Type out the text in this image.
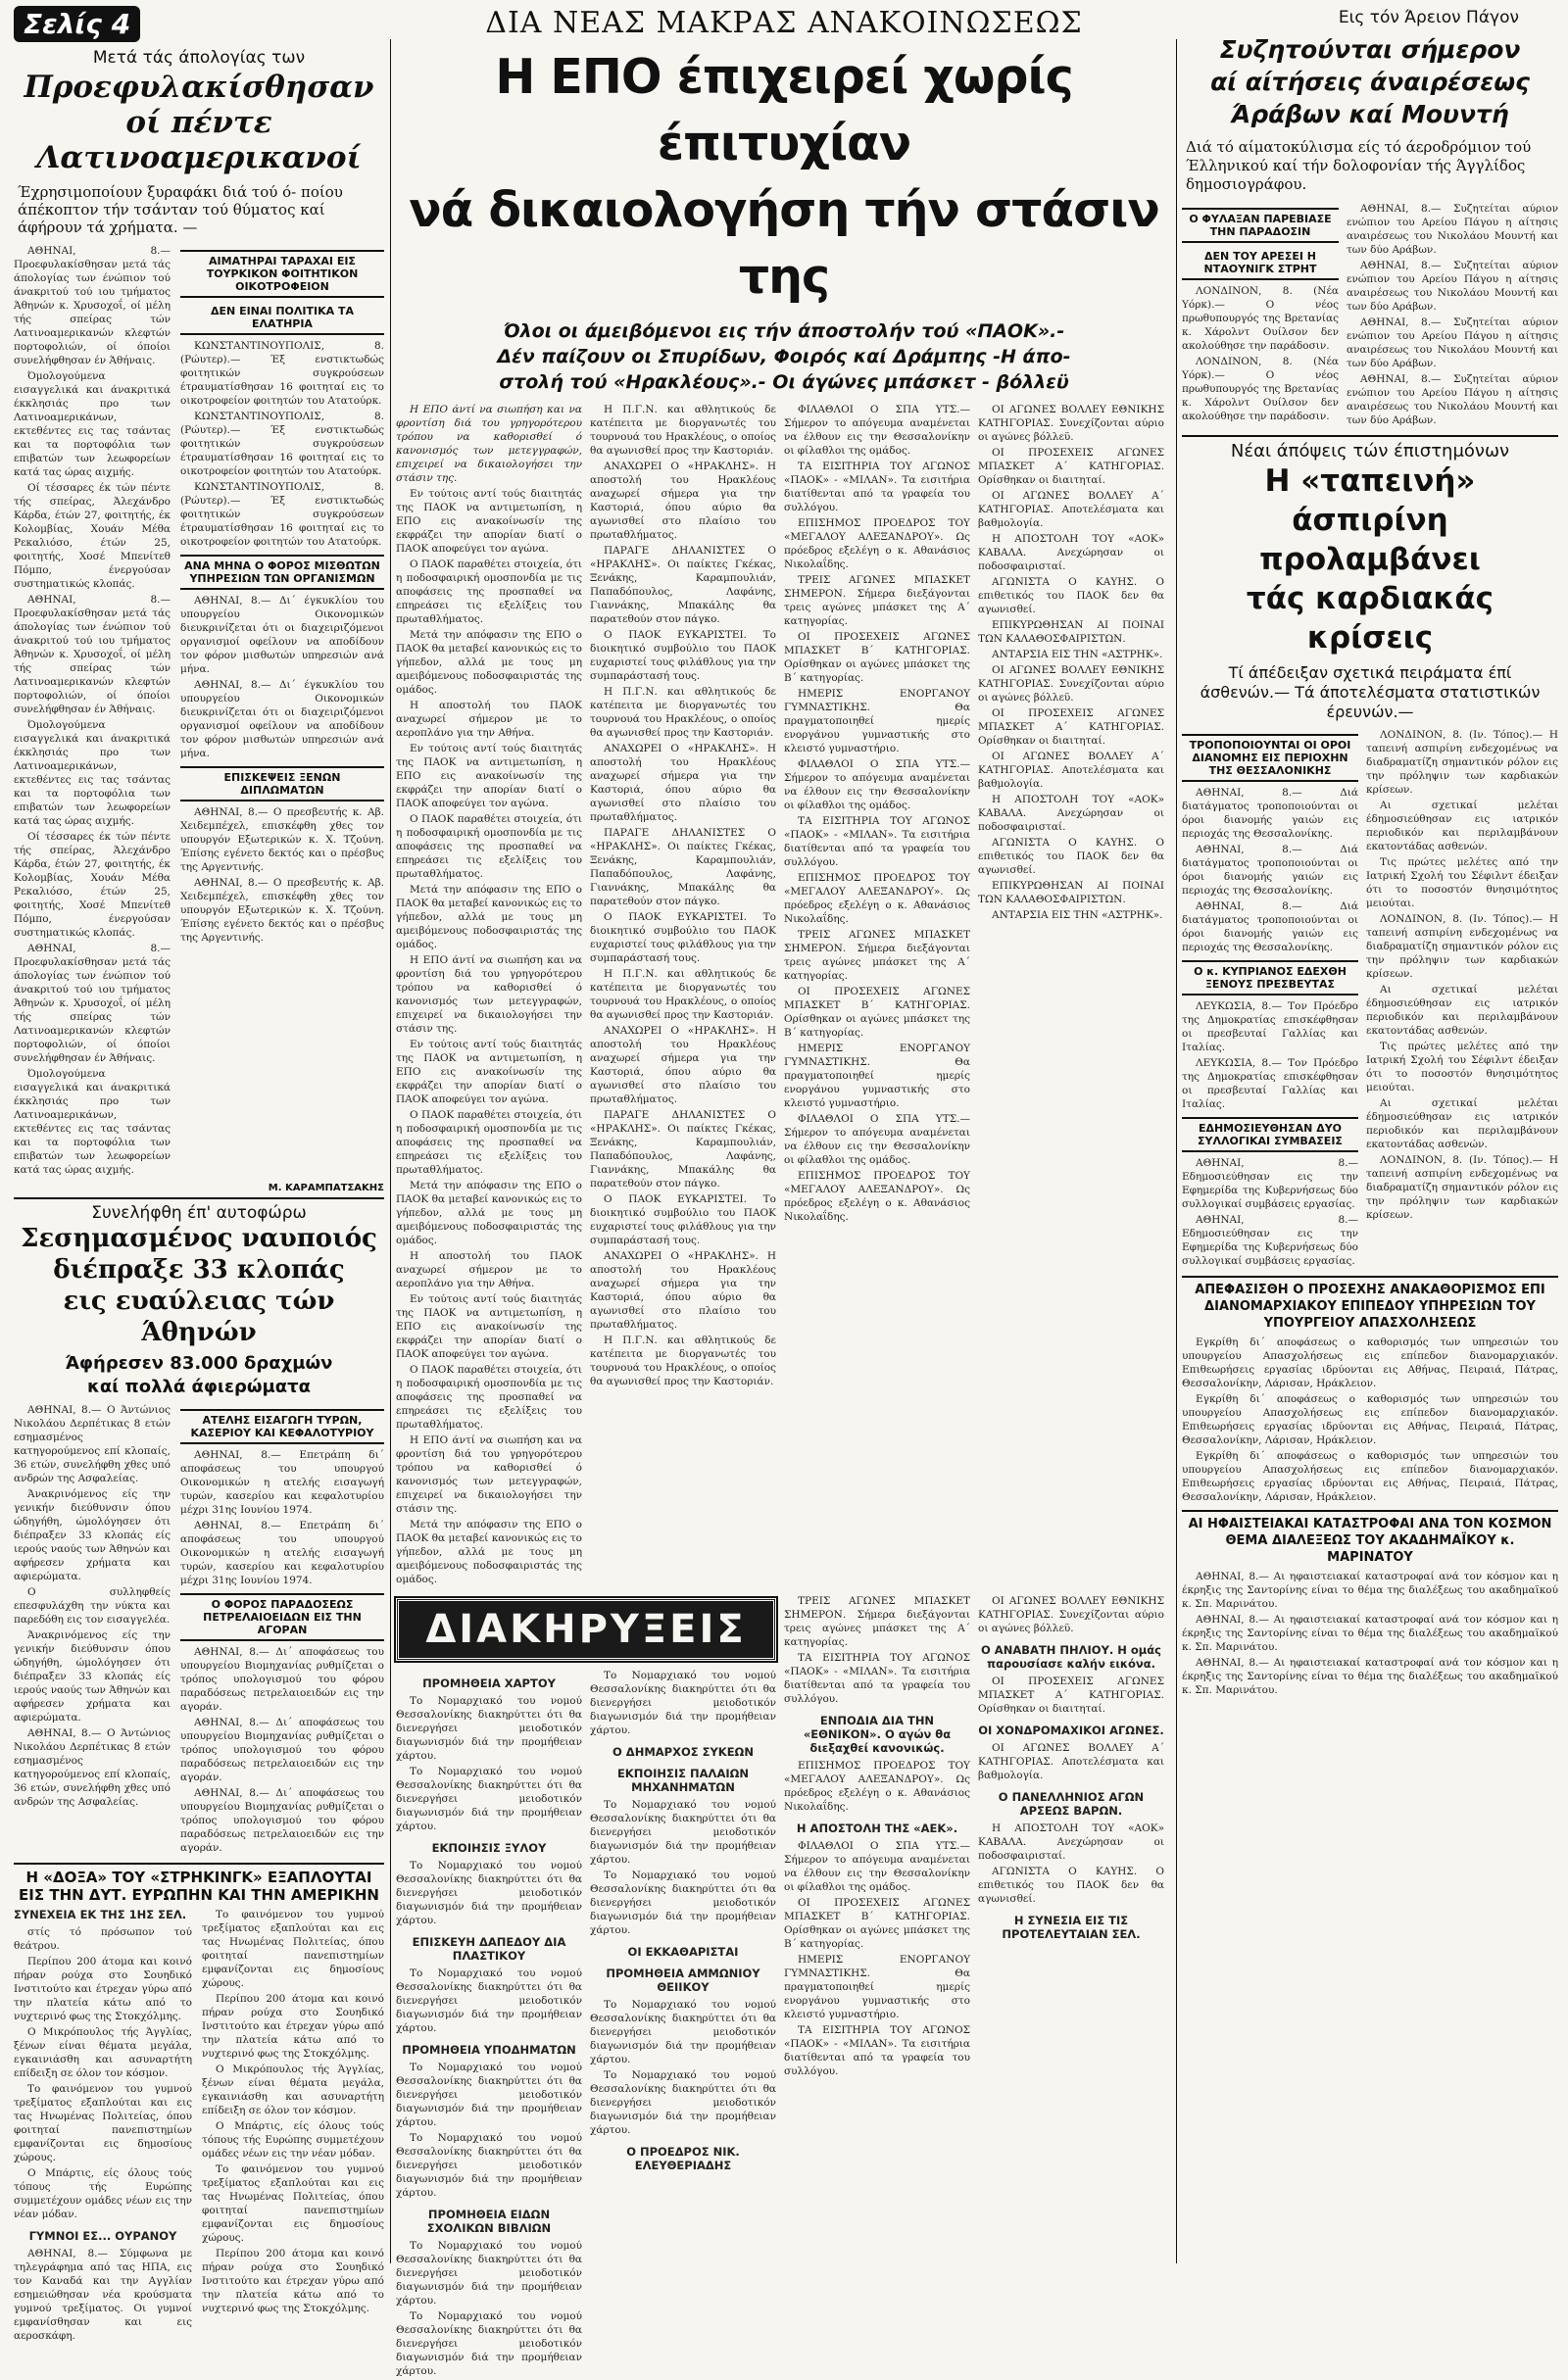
Σελίς 4
Μετά τάς άπολογίας των
Προεφυλακίσθησαν
οί πέντε
Λατινοαμερικανοί
Έχρησιμοποίουν ξυραφάκι διά τού ό- ποίου άπέκοπτον τήν τσάνταν τού θύματος καί άφήρουν τά χρήματα. —

ΑΘΗΝΑΙ, 8.— Προεφυλακίσθησαν μετά τάς άπολογίας των ένώπιον τού άνακριτού τού ιου τμήματος Άθηνών κ. Χρυσοχοΐ, οί μέλη τής σπείρας τών Λατινοαμερικανών κλεφτών πορτοφολιών, οί όποίοι συνελήφθησαν έν Άθήναις.

Όμολογούμενα εισαγγελικά και άνακριτικά έκκλησιάς προ των Λατινοαμερικάνων, εκτεθέντες εις τας τσάντας και τα πορτοφόλια των επιβατών των λεωφορείων κατά τας ώρας αιχμής.

Οί τέσσαρες έκ τών πέντε τής σπείρας, Άλεχάνδρο Κάρδα, έτών 27, φοιτητής, έκ Κολομβίας, Χουάν Μέθα Ρεκαλιόσο, έτών 25, φοιτητής, Χοσέ Μπενίτεθ Πόμπο, ένεργούσαν συστηματικώς κλοπάς.

ΑΘΗΝΑΙ, 8.— Προεφυλακίσθησαν μετά τάς άπολογίας των ένώπιον τού άνακριτού τού ιου τμήματος Άθηνών κ. Χρυσοχοΐ, οί μέλη τής σπείρας τών Λατινοαμερικανών κλεφτών πορτοφολιών, οί όποίοι συνελήφθησαν έν Άθήναις.

Όμολογούμενα εισαγγελικά και άνακριτικά έκκλησιάς προ των Λατινοαμερικάνων, εκτεθέντες εις τας τσάντας και τα πορτοφόλια των επιβατών των λεωφορείων κατά τας ώρας αιχμής.

Οί τέσσαρες έκ τών πέντε τής σπείρας, Άλεχάνδρο Κάρδα, έτών 27, φοιτητής, έκ Κολομβίας, Χουάν Μέθα Ρεκαλιόσο, έτών 25, φοιτητής, Χοσέ Μπενίτεθ Πόμπο, ένεργούσαν συστηματικώς κλοπάς.

ΑΘΗΝΑΙ, 8.— Προεφυλακίσθησαν μετά τάς άπολογίας των ένώπιον τού άνακριτού τού ιου τμήματος Άθηνών κ. Χρυσοχοΐ, οί μέλη τής σπείρας τών Λατινοαμερικανών κλεφτών πορτοφολιών, οί όποίοι συνελήφθησαν έν Άθήναις.

Όμολογούμενα εισαγγελικά και άνακριτικά έκκλησιάς προ των Λατινοαμερικάνων, εκτεθέντες εις τας τσάντας και τα πορτοφόλια των επιβατών των λεωφορείων κατά τας ώρας αιχμής.

ΑΙΜΑΤΗΡΑΙ ΤΑΡΑΧΑΙ ΕΙΣ ΤΟΥΡΚΙΚΟΝ ΦΟΙΤΗΤΙΚΟΝ ΟΙΚΟΤΡΟΦΕΙΟΝ
ΔΕΝ ΕΙΝΑΙ ΠΟΛΙΤΙΚΑ ΤΑ ΕΛΑΤΗΡΙΑ

ΚΩΝΣΤΑΝΤΙΝΟΥΠΟΛΙΣ, 8. (Ρώυτερ).— Έξ ενστικτωδώς φοιτητικών συγκρούσεων έτραυματίσθησαν 16 φοιτηταί εις το οικοτροφείον φοιτητών του Ατατούρκ.

ΚΩΝΣΤΑΝΤΙΝΟΥΠΟΛΙΣ, 8. (Ρώυτερ).— Έξ ενστικτωδώς φοιτητικών συγκρούσεων έτραυματίσθησαν 16 φοιτηταί εις το οικοτροφείον φοιτητών του Ατατούρκ.

ΚΩΝΣΤΑΝΤΙΝΟΥΠΟΛΙΣ, 8. (Ρώυτερ).— Έξ ενστικτωδώς φοιτητικών συγκρούσεων έτραυματίσθησαν 16 φοιτηταί εις το οικοτροφείον φοιτητών του Ατατούρκ.

ΑΝΑ ΜΗΝΑ Ο ΦΟΡΟΣ ΜΙΣΘΩΤΩΝ ΥΠΗΡΕΣΙΩΝ ΤΩΝ ΟΡΓΑΝΙΣΜΩΝ

ΑΘΗΝΑΙ, 8.— Δι΄ έγκυκλίου του υπουργείου Οικονομικών διευκρινίζεται ότι οι διαχειριζόμενοι οργανισμοί οφείλουν να αποδίδουν τον φόρον μισθωτών υπηρεσιών ανά μήνα.

ΑΘΗΝΑΙ, 8.— Δι΄ έγκυκλίου του υπουργείου Οικονομικών διευκρινίζεται ότι οι διαχειριζόμενοι οργανισμοί οφείλουν να αποδίδουν τον φόρον μισθωτών υπηρεσιών ανά μήνα.

ΕΠΙΣΚΕΨΕΙΣ ΞΕΝΩΝ ΔΙΠΛΩΜΑΤΩΝ

ΑΘΗΝΑΙ, 8.— Ο πρεσβευτής κ. Αβ. Χειδεμπέχελ, επισκέφθη χθες τον υπουργόν Εξωτερικών κ. Χ. Τζούνη. Έπίσης εγένετο δεκτός και ο πρέσβυς της Αργεντινής.

ΑΘΗΝΑΙ, 8.— Ο πρεσβευτής κ. Αβ. Χειδεμπέχελ, επισκέφθη χθες τον υπουργόν Εξωτερικών κ. Χ. Τζούνη. Έπίσης εγένετο δεκτός και ο πρέσβυς της Αργεντινής.

Μ. ΚΑΡΑΜΠΑΤΣΑΚΗΣ
Συνελήφθη έπ' αυτοφώρω
Σεσημασμένος ναυποιός
διέπραξε 33 κλοπάς
εις ευαύλειας τών Άθηνών
Άφήρεσεν 83.000 δραχμών
καί πολλά άφιερώματα

ΑΘΗΝΑΙ, 8.— Ο Άντώνιος Νικολάου Δερπέτικας 8 ετών εσημασμένος κατηγορούμενος επί κλοπαίς, 36 ετών, συνελήφθη χθες υπό ανδρών της Ασφαλείας.

Άνακρινόμενος είς την γενικήν διεύθυνσιν όπου ώδηγήθη, ώμολόγησεν ότι διέπραξεν 33 κλοπάς είς ιερούς ναούς των Άθηνών και αφήρεσεν χρήματα και αφιερώματα.

Ο συλληφθείς επεσφυλάχθη την νύκτα και παρεδόθη εις τον εισαγγελέα.

Άνακρινόμενος είς την γενικήν διεύθυνσιν όπου ώδηγήθη, ώμολόγησεν ότι διέπραξεν 33 κλοπάς είς ιερούς ναούς των Άθηνών και αφήρεσεν χρήματα και αφιερώματα.

ΑΘΗΝΑΙ, 8.— Ο Άντώνιος Νικολάου Δερπέτικας 8 ετών εσημασμένος κατηγορούμενος επί κλοπαίς, 36 ετών, συνελήφθη χθες υπό ανδρών της Ασφαλείας.

ΑΤΕΛΗΣ ΕΙΣΑΓΩΓΗ ΤΥΡΩΝ, ΚΑΣΕΡΙΟΥ ΚΑΙ ΚΕΦΑΛΟΤΥΡΙΟΥ

ΑΘΗΝΑΙ, 8.— Επετράπη δι΄ αποφάσεως του υπουργού Οικονομικών η ατελής εισαγωγή τυρών, κασερίου και κεφαλοτυρίου μέχρι 31ης Ιουνίου 1974.

ΑΘΗΝΑΙ, 8.— Επετράπη δι΄ αποφάσεως του υπουργού Οικονομικών η ατελής εισαγωγή τυρών, κασερίου και κεφαλοτυρίου μέχρι 31ης Ιουνίου 1974.

Ο ΦΟΡΟΣ ΠΑΡΑΔΟΣΕΩΣ ΠΕΤΡΕΛΑΙΟΕΙΔΩΝ ΕΙΣ ΤΗΝ ΑΓΟΡΑΝ

ΑΘΗΝΑΙ, 8.— Δι΄ αποφάσεως του υπουργείου Βιομηχανίας ρυθμίζεται ο τρόπος υπολογισμού του φόρου παραδόσεως πετρελαιοειδών εις την αγοράν.

ΑΘΗΝΑΙ, 8.— Δι΄ αποφάσεως του υπουργείου Βιομηχανίας ρυθμίζεται ο τρόπος υπολογισμού του φόρου παραδόσεως πετρελαιοειδών εις την αγοράν.

ΑΘΗΝΑΙ, 8.— Δι΄ αποφάσεως του υπουργείου Βιομηχανίας ρυθμίζεται ο τρόπος υπολογισμού του φόρου παραδόσεως πετρελαιοειδών εις την αγοράν.

Η «ΔΟΞΑ» ΤΟΥ «ΣΤΡΗΚΙΝΓΚ» ΕΞΑΠΛΟΥΤΑΙ ΕΙΣ ΤΗΝ ΔΥΤ. ΕΥΡΩΠΗΝ ΚΑΙ ΤΗΝ ΑΜΕΡΙΚΗΝ
ΣΥΝΕΧΕΙΑ ΕΚ ΤΗΣ 1ΗΣ ΣΕΛ.

στίς τό πρόσωπον τού θεάτρου.

Περίπου 200 άτομα και κοινό πήραν ρούχα στο Σουηδικό Ινστιτούτο και έτρεχαν γύρω από την πλατεία κάτω από το νυχτερινό φως της Στοκχόλμης.

Ο Μικρόπουλος τής Άγγλίας, ξένων είναι θέματα μεγάλα, εγκαινιάσθη και ασυναρτήτη επίδειξη σε όλον τον κόσμον.

Το φαινόμενον του γυμνού τρεξίματος εξαπλούται και εις τας Ηνωμένας Πολιτείας, όπου φοιτηταί πανεπιστημίων εμφανίζονται εις δημοσίους χώρους.

Ο Μπάρτις, είς όλους τούς τόπους τής Ευρώπης συμμετέχουν ομάδες νέων εις την νέαν μόδαν.

ΓΥΜΝΟΙ ΕΣ... ΟΥΡΑΝΟΥ

ΑΘΗΝΑΙ, 8.— Σύμφωνα με τηλεγράφημα από τας ΗΠΑ, εις τον Καναδά και την Αγγλίαν εσημειώθησαν νέα κρούσματα γυμνού τρεξίματος. Οι γυμνοί εμφανίσθησαν και εις αεροσκάφη.

Το φαινόμενον του γυμνού τρεξίματος εξαπλούται και εις τας Ηνωμένας Πολιτείας, όπου φοιτηταί πανεπιστημίων εμφανίζονται εις δημοσίους χώρους.

Περίπου 200 άτομα και κοινό πήραν ρούχα στο Σουηδικό Ινστιτούτο και έτρεχαν γύρω από την πλατεία κάτω από το νυχτερινό φως της Στοκχόλμης.

Ο Μικρόπουλος τής Άγγλίας, ξένων είναι θέματα μεγάλα, εγκαινιάσθη και ασυναρτήτη επίδειξη σε όλον τον κόσμον.

Ο Μπάρτις, είς όλους τούς τόπους τής Ευρώπης συμμετέχουν ομάδες νέων εις την νέαν μόδαν.

Το φαινόμενον του γυμνού τρεξίματος εξαπλούται και εις τας Ηνωμένας Πολιτείας, όπου φοιτηταί πανεπιστημίων εμφανίζονται εις δημοσίους χώρους.

Περίπου 200 άτομα και κοινό πήραν ρούχα στο Σουηδικό Ινστιτούτο και έτρεχαν γύρω από την πλατεία κάτω από το νυχτερινό φως της Στοκχόλμης.

ΔΙΑ ΝΕΑΣ ΜΑΚΡΑΣ ΑΝΑΚΟΙΝΩΣΕΩΣ
Η ΕΠΟ έπιχειρεί χωρίς έπιτυχίαν
νά δικαιολογήση τήν στάσιν της
Όλοι οι άμειβόμενοι εις τήν άποστολήν τού «ΠΑΟΚ».-
Δέν παίζουν οι Σπυρίδων, Φοιρός καί Δράμπης -Η άπο-
στολή τού «Ηρακλέους».- Οι άγώνες μπάσκετ - βόλλεϋ

Η ΕΠΟ άντί να σιωπήση και να φροντίση διά του γρηγορότερου τρόπου να καθορισθεί ό κανονισμός των μετεγγραφών, επιχειρεί να δικαιολογήσει την στάσιν της.

Εν τούτοις αντί τούς διαιτητάς της ΠΑΟΚ να αντιμετωπίση, η ΕΠΟ εις ανακοίνωσίν της εκφράζει την απορίαν διατί ο ΠΑΟΚ αποφεύγει τον αγώνα.

Ο ΠΑΟΚ παραθέτει στοιχεία, ότι η ποδοσφαιρική ομοσπονδία με τις αποφάσεις της προσπαθεί να επηρεάσει τις εξελίξεις του πρωταθλήματος.

Μετά την απόφασιν της ΕΠΟ ο ΠΑΟΚ θα μεταβεί κανονικώς εις το γήπεδον, αλλά με τους μη αμειβόμενους ποδοσφαιριστάς της ομάδος.

Η αποστολή του ΠΑΟΚ αναχωρεί σήμερον με το αεροπλάνο για την Αθήνα.

Εν τούτοις αντί τούς διαιτητάς της ΠΑΟΚ να αντιμετωπίση, η ΕΠΟ εις ανακοίνωσίν της εκφράζει την απορίαν διατί ο ΠΑΟΚ αποφεύγει τον αγώνα.

Ο ΠΑΟΚ παραθέτει στοιχεία, ότι η ποδοσφαιρική ομοσπονδία με τις αποφάσεις της προσπαθεί να επηρεάσει τις εξελίξεις του πρωταθλήματος.

Μετά την απόφασιν της ΕΠΟ ο ΠΑΟΚ θα μεταβεί κανονικώς εις το γήπεδον, αλλά με τους μη αμειβόμενους ποδοσφαιριστάς της ομάδος.

Η ΕΠΟ άντί να σιωπήση και να φροντίση διά του γρηγορότερου τρόπου να καθορισθεί ό κανονισμός των μετεγγραφών, επιχειρεί να δικαιολογήσει την στάσιν της.

Εν τούτοις αντί τούς διαιτητάς της ΠΑΟΚ να αντιμετωπίση, η ΕΠΟ εις ανακοίνωσίν της εκφράζει την απορίαν διατί ο ΠΑΟΚ αποφεύγει τον αγώνα.

Ο ΠΑΟΚ παραθέτει στοιχεία, ότι η ποδοσφαιρική ομοσπονδία με τις αποφάσεις της προσπαθεί να επηρεάσει τις εξελίξεις του πρωταθλήματος.

Μετά την απόφασιν της ΕΠΟ ο ΠΑΟΚ θα μεταβεί κανονικώς εις το γήπεδον, αλλά με τους μη αμειβόμενους ποδοσφαιριστάς της ομάδος.

Η αποστολή του ΠΑΟΚ αναχωρεί σήμερον με το αεροπλάνο για την Αθήνα.

Εν τούτοις αντί τούς διαιτητάς της ΠΑΟΚ να αντιμετωπίση, η ΕΠΟ εις ανακοίνωσίν της εκφράζει την απορίαν διατί ο ΠΑΟΚ αποφεύγει τον αγώνα.

Ο ΠΑΟΚ παραθέτει στοιχεία, ότι η ποδοσφαιρική ομοσπονδία με τις αποφάσεις της προσπαθεί να επηρεάσει τις εξελίξεις του πρωταθλήματος.

Η ΕΠΟ άντί να σιωπήση και να φροντίση διά του γρηγορότερου τρόπου να καθορισθεί ό κανονισμός των μετεγγραφών, επιχειρεί να δικαιολογήσει την στάσιν της.

Μετά την απόφασιν της ΕΠΟ ο ΠΑΟΚ θα μεταβεί κανονικώς εις το γήπεδον, αλλά με τους μη αμειβόμενους ποδοσφαιριστάς της ομάδος.

Η Π.Γ.Ν. και αθλητικούς δε κατέπειτα με διοργανωτές του τουρνουά του Ηρακλέους, ο οποίος θα αγωνισθεί προς την Καστοριάν.

ΑΝΑΧΩΡΕΙ Ο «ΗΡΑΚΛΗΣ». Η αποστολή του Ηρακλέους αναχωρεί σήμερα για την Καστοριά, όπου αύριο θα αγωνισθεί στο πλαίσιο του πρωταθλήματος.

ΠΑΡΑΓΕ ΔΗΛΑΝΙΣΤΕΣ Ο «ΗΡΑΚΛΗΣ». Οι παίκτες Γκέκας, Ξενάκης, Καραμπουλιάν, Παπαδόπουλος, Λαφάνης, Γιαννάκης, Μπακάλης θα παρατεθούν στον πάγκο.

Ο ΠΑΟΚ ΕΥΚΑΡΙΣΤΕΙ. Το διοικητικό συμβούλιο του ΠΑΟΚ ευχαριστεί τους φιλάθλους για την συμπαράστασή τους.

Η Π.Γ.Ν. και αθλητικούς δε κατέπειτα με διοργανωτές του τουρνουά του Ηρακλέους, ο οποίος θα αγωνισθεί προς την Καστοριάν.

ΑΝΑΧΩΡΕΙ Ο «ΗΡΑΚΛΗΣ». Η αποστολή του Ηρακλέους αναχωρεί σήμερα για την Καστοριά, όπου αύριο θα αγωνισθεί στο πλαίσιο του πρωταθλήματος.

ΠΑΡΑΓΕ ΔΗΛΑΝΙΣΤΕΣ Ο «ΗΡΑΚΛΗΣ». Οι παίκτες Γκέκας, Ξενάκης, Καραμπουλιάν, Παπαδόπουλος, Λαφάνης, Γιαννάκης, Μπακάλης θα παρατεθούν στον πάγκο.

Ο ΠΑΟΚ ΕΥΚΑΡΙΣΤΕΙ. Το διοικητικό συμβούλιο του ΠΑΟΚ ευχαριστεί τους φιλάθλους για την συμπαράστασή τους.

Η Π.Γ.Ν. και αθλητικούς δε κατέπειτα με διοργανωτές του τουρνουά του Ηρακλέους, ο οποίος θα αγωνισθεί προς την Καστοριάν.

ΑΝΑΧΩΡΕΙ Ο «ΗΡΑΚΛΗΣ». Η αποστολή του Ηρακλέους αναχωρεί σήμερα για την Καστοριά, όπου αύριο θα αγωνισθεί στο πλαίσιο του πρωταθλήματος.

ΠΑΡΑΓΕ ΔΗΛΑΝΙΣΤΕΣ Ο «ΗΡΑΚΛΗΣ». Οι παίκτες Γκέκας, Ξενάκης, Καραμπουλιάν, Παπαδόπουλος, Λαφάνης, Γιαννάκης, Μπακάλης θα παρατεθούν στον πάγκο.

Ο ΠΑΟΚ ΕΥΚΑΡΙΣΤΕΙ. Το διοικητικό συμβούλιο του ΠΑΟΚ ευχαριστεί τους φιλάθλους για την συμπαράστασή τους.

ΑΝΑΧΩΡΕΙ Ο «ΗΡΑΚΛΗΣ». Η αποστολή του Ηρακλέους αναχωρεί σήμερα για την Καστοριά, όπου αύριο θα αγωνισθεί στο πλαίσιο του πρωταθλήματος.

Η Π.Γ.Ν. και αθλητικούς δε κατέπειτα με διοργανωτές του τουρνουά του Ηρακλέους, ο οποίος θα αγωνισθεί προς την Καστοριάν.

ΦΙΛΑΘΛΟΙ Ο ΣΠΑ ΥΤΣ.— Σήμερον το απόγευμα αναμένεται να έλθουν εις την Θεσσαλονίκην οι φίλαθλοι της ομάδος.

ΤΑ ΕΙΣΙΤΗΡΙΑ ΤΟΥ ΑΓΩΝΟΣ «ΠΑΟΚ» - «ΜΙΛΑΝ». Τα εισιτήρια διατίθενται από τα γραφεία του συλλόγου.

ΕΠΙΣΗΜΟΣ ΠΡΟΕΔΡΟΣ ΤΟΥ «ΜΕΓΑΛΟΥ ΑΛΕΞΑΝΔΡΟΥ». Ως πρόεδρος εξελέγη ο κ. Αθανάσιος Νικολαΐδης.

ΤΡΕΙΣ ΑΓΩΝΕΣ ΜΠΑΣΚΕΤ ΣΗΜΕΡΟΝ. Σήμερα διεξάγονται τρεις αγώνες μπάσκετ της Α΄ κατηγορίας.

ΟΙ ΠΡΟΣΕΧΕΙΣ ΑΓΩΝΕΣ ΜΠΑΣΚΕΤ Β΄ ΚΑΤΗΓΟΡΙΑΣ. Ορίσθηκαν οι αγώνες μπάσκετ της Β΄ κατηγορίας.

ΗΜΕΡΙΣ ΕΝΟΡΓΑΝΟΥ ΓΥΜΝΑΣΤΙΚΗΣ. Θα πραγματοποιηθεί ημερίς ενοργάνου γυμναστικής στο κλειστό γυμναστήριο.

ΦΙΛΑΘΛΟΙ Ο ΣΠΑ ΥΤΣ.— Σήμερον το απόγευμα αναμένεται να έλθουν εις την Θεσσαλονίκην οι φίλαθλοι της ομάδος.

ΤΑ ΕΙΣΙΤΗΡΙΑ ΤΟΥ ΑΓΩΝΟΣ «ΠΑΟΚ» - «ΜΙΛΑΝ». Τα εισιτήρια διατίθενται από τα γραφεία του συλλόγου.

ΕΠΙΣΗΜΟΣ ΠΡΟΕΔΡΟΣ ΤΟΥ «ΜΕΓΑΛΟΥ ΑΛΕΞΑΝΔΡΟΥ». Ως πρόεδρος εξελέγη ο κ. Αθανάσιος Νικολαΐδης.

ΤΡΕΙΣ ΑΓΩΝΕΣ ΜΠΑΣΚΕΤ ΣΗΜΕΡΟΝ. Σήμερα διεξάγονται τρεις αγώνες μπάσκετ της Α΄ κατηγορίας.

ΟΙ ΠΡΟΣΕΧΕΙΣ ΑΓΩΝΕΣ ΜΠΑΣΚΕΤ Β΄ ΚΑΤΗΓΟΡΙΑΣ. Ορίσθηκαν οι αγώνες μπάσκετ της Β΄ κατηγορίας.

ΗΜΕΡΙΣ ΕΝΟΡΓΑΝΟΥ ΓΥΜΝΑΣΤΙΚΗΣ. Θα πραγματοποιηθεί ημερίς ενοργάνου γυμναστικής στο κλειστό γυμναστήριο.

ΦΙΛΑΘΛΟΙ Ο ΣΠΑ ΥΤΣ.— Σήμερον το απόγευμα αναμένεται να έλθουν εις την Θεσσαλονίκην οι φίλαθλοι της ομάδος.

ΕΠΙΣΗΜΟΣ ΠΡΟΕΔΡΟΣ ΤΟΥ «ΜΕΓΑΛΟΥ ΑΛΕΞΑΝΔΡΟΥ». Ως πρόεδρος εξελέγη ο κ. Αθανάσιος Νικολαΐδης.

ΟΙ ΑΓΩΝΕΣ ΒΟΛΛΕΥ ΕΘΝΙΚΗΣ ΚΑΤΗΓΟΡΙΑΣ. Συνεχίζονται αύριο οι αγώνες βόλλεϋ.

ΟΙ ΠΡΟΣΕΧΕΙΣ ΑΓΩΝΕΣ ΜΠΑΣΚΕΤ Α΄ ΚΑΤΗΓΟΡΙΑΣ. Ορίσθηκαν οι διαιτηταί.

ΟΙ ΑΓΩΝΕΣ ΒΟΛΛΕΥ Α΄ ΚΑΤΗΓΟΡΙΑΣ. Αποτελέσματα και βαθμολογία.

Η ΑΠΟΣΤΟΛΗ ΤΟΥ «ΑΟΚ» ΚΑΒΑΛΑ. Ανεχώρησαν οι ποδοσφαιρισταί.

ΑΓΩΝΙΣΤΑ Ο ΚΑΥΗΣ. Ο επιθετικός του ΠΑΟΚ δεν θα αγωνισθεί.

ΕΠΙΚΥΡΩΘΗΣΑΝ ΑΙ ΠΟΙΝΑΙ ΤΩΝ ΚΑΛΑΘΟΣΦΑΙΡΙΣΤΩΝ.

ΑΝΤΑΡΣΙΑ ΕΙΣ ΤΗΝ «ΑΣΤΡΗΚ».

ΟΙ ΑΓΩΝΕΣ ΒΟΛΛΕΥ ΕΘΝΙΚΗΣ ΚΑΤΗΓΟΡΙΑΣ. Συνεχίζονται αύριο οι αγώνες βόλλεϋ.

ΟΙ ΠΡΟΣΕΧΕΙΣ ΑΓΩΝΕΣ ΜΠΑΣΚΕΤ Α΄ ΚΑΤΗΓΟΡΙΑΣ. Ορίσθηκαν οι διαιτηταί.

ΟΙ ΑΓΩΝΕΣ ΒΟΛΛΕΥ Α΄ ΚΑΤΗΓΟΡΙΑΣ. Αποτελέσματα και βαθμολογία.

Η ΑΠΟΣΤΟΛΗ ΤΟΥ «ΑΟΚ» ΚΑΒΑΛΑ. Ανεχώρησαν οι ποδοσφαιρισταί.

ΑΓΩΝΙΣΤΑ Ο ΚΑΥΗΣ. Ο επιθετικός του ΠΑΟΚ δεν θα αγωνισθεί.

ΕΠΙΚΥΡΩΘΗΣΑΝ ΑΙ ΠΟΙΝΑΙ ΤΩΝ ΚΑΛΑΘΟΣΦΑΙΡΙΣΤΩΝ.

ΑΝΤΑΡΣΙΑ ΕΙΣ ΤΗΝ «ΑΣΤΡΗΚ».

ΔΙΑΚΗΡΥΞΕΙΣ
ΠΡΟΜΗΘΕΙΑ ΧΑΡΤΟΥ

Το Νομαρχιακό του νομού Θεσσαλονίκης διακηρύττει ότι θα διενεργήσει μειοδοτικόν διαγωνισμόν διά την προμήθειαν χάρτου.

Το Νομαρχιακό του νομού Θεσσαλονίκης διακηρύττει ότι θα διενεργήσει μειοδοτικόν διαγωνισμόν διά την προμήθειαν χάρτου.

ΕΚΠΟΙΗΣΙΣ ΞΥΛΟΥ

Το Νομαρχιακό του νομού Θεσσαλονίκης διακηρύττει ότι θα διενεργήσει μειοδοτικόν διαγωνισμόν διά την προμήθειαν χάρτου.

ΕΠΙΣΚΕΥΗ ΔΑΠΕΔΟΥ ΔΙΑ ΠΛΑΣΤΙΚΟΥ

Το Νομαρχιακό του νομού Θεσσαλονίκης διακηρύττει ότι θα διενεργήσει μειοδοτικόν διαγωνισμόν διά την προμήθειαν χάρτου.

ΠΡΟΜΗΘΕΙΑ ΥΠΟΔΗΜΑΤΩΝ

Το Νομαρχιακό του νομού Θεσσαλονίκης διακηρύττει ότι θα διενεργήσει μειοδοτικόν διαγωνισμόν διά την προμήθειαν χάρτου.

Το Νομαρχιακό του νομού Θεσσαλονίκης διακηρύττει ότι θα διενεργήσει μειοδοτικόν διαγωνισμόν διά την προμήθειαν χάρτου.

ΠΡΟΜΗΘΕΙΑ ΕΙΔΩΝ ΣΧΟΛΙΚΩΝ ΒΙΒΛΙΩΝ

Το Νομαρχιακό του νομού Θεσσαλονίκης διακηρύττει ότι θα διενεργήσει μειοδοτικόν διαγωνισμόν διά την προμήθειαν χάρτου.

Το Νομαρχιακό του νομού Θεσσαλονίκης διακηρύττει ότι θα διενεργήσει μειοδοτικόν διαγωνισμόν διά την προμήθειαν χάρτου.

Το Νομαρχιακό του νομού Θεσσαλονίκης διακηρύττει ότι θα διενεργήσει μειοδοτικόν διαγωνισμόν διά την προμήθειαν χάρτου.

Ο ΔΗΜΑΡΧΟΣ ΣΥΚΕΩΝ
ΕΚΠΟΙΗΣΙΣ ΠΑΛΑΙΩΝ ΜΗΧΑΝΗΜΑΤΩΝ

Το Νομαρχιακό του νομού Θεσσαλονίκης διακηρύττει ότι θα διενεργήσει μειοδοτικόν διαγωνισμόν διά την προμήθειαν χάρτου.

Το Νομαρχιακό του νομού Θεσσαλονίκης διακηρύττει ότι θα διενεργήσει μειοδοτικόν διαγωνισμόν διά την προμήθειαν χάρτου.

ΟΙ ΕΚΚΑΘΑΡΙΣΤΑΙ
ΠΡΟΜΗΘΕΙΑ ΑΜΜΩΝΙΟΥ ΘΕΙΙΚΟΥ

Το Νομαρχιακό του νομού Θεσσαλονίκης διακηρύττει ότι θα διενεργήσει μειοδοτικόν διαγωνισμόν διά την προμήθειαν χάρτου.

Το Νομαρχιακό του νομού Θεσσαλονίκης διακηρύττει ότι θα διενεργήσει μειοδοτικόν διαγωνισμόν διά την προμήθειαν χάρτου.

Ο ΠΡΟΕΔΡΟΣ ΝΙΚ. ΕΛΕΥΘΕΡΙΑΔΗΣ

ΤΡΕΙΣ ΑΓΩΝΕΣ ΜΠΑΣΚΕΤ ΣΗΜΕΡΟΝ. Σήμερα διεξάγονται τρεις αγώνες μπάσκετ της Α΄ κατηγορίας.

ΤΑ ΕΙΣΙΤΗΡΙΑ ΤΟΥ ΑΓΩΝΟΣ «ΠΑΟΚ» - «ΜΙΛΑΝ». Τα εισιτήρια διατίθενται από τα γραφεία του συλλόγου.

ΕΝΠΟΔΙΑ ΔΙΑ ΤΗΝ «ΕΘΝΙΚΟΝ». Ο αγών θα διεξαχθεί κανονικώς.

ΕΠΙΣΗΜΟΣ ΠΡΟΕΔΡΟΣ ΤΟΥ «ΜΕΓΑΛΟΥ ΑΛΕΞΑΝΔΡΟΥ». Ως πρόεδρος εξελέγη ο κ. Αθανάσιος Νικολαΐδης.

Η ΑΠΟΣΤΟΛΗ ΤΗΣ «ΑΕΚ».

ΦΙΛΑΘΛΟΙ Ο ΣΠΑ ΥΤΣ.— Σήμερον το απόγευμα αναμένεται να έλθουν εις την Θεσσαλονίκην οι φίλαθλοι της ομάδος.

ΟΙ ΠΡΟΣΕΧΕΙΣ ΑΓΩΝΕΣ ΜΠΑΣΚΕΤ Β΄ ΚΑΤΗΓΟΡΙΑΣ. Ορίσθηκαν οι αγώνες μπάσκετ της Β΄ κατηγορίας.

ΗΜΕΡΙΣ ΕΝΟΡΓΑΝΟΥ ΓΥΜΝΑΣΤΙΚΗΣ. Θα πραγματοποιηθεί ημερίς ενοργάνου γυμναστικής στο κλειστό γυμναστήριο.

ΤΑ ΕΙΣΙΤΗΡΙΑ ΤΟΥ ΑΓΩΝΟΣ «ΠΑΟΚ» - «ΜΙΛΑΝ». Τα εισιτήρια διατίθενται από τα γραφεία του συλλόγου.

ΟΙ ΑΓΩΝΕΣ ΒΟΛΛΕΥ ΕΘΝΙΚΗΣ ΚΑΤΗΓΟΡΙΑΣ. Συνεχίζονται αύριο οι αγώνες βόλλεϋ.

Ο ΑΝΑΒΑΤΗ ΠΗΛΙΟΥ. Η ομάς παρουσίασε καλήν εικόνα.

ΟΙ ΠΡΟΣΕΧΕΙΣ ΑΓΩΝΕΣ ΜΠΑΣΚΕΤ Α΄ ΚΑΤΗΓΟΡΙΑΣ. Ορίσθηκαν οι διαιτηταί.

ΟΙ ΧΟΝΔΡΟΜΑΧΙΚΟΙ ΑΓΩΝΕΣ.

ΟΙ ΑΓΩΝΕΣ ΒΟΛΛΕΥ Α΄ ΚΑΤΗΓΟΡΙΑΣ. Αποτελέσματα και βαθμολογία.

Ο ΠΑΝΕΛΛΗΝΙΟΣ ΑΓΩΝ ΑΡΣΕΩΣ ΒΑΡΩΝ.

Η ΑΠΟΣΤΟΛΗ ΤΟΥ «ΑΟΚ» ΚΑΒΑΛΑ. Ανεχώρησαν οι ποδοσφαιρισταί.

ΑΓΩΝΙΣΤΑ Ο ΚΑΥΗΣ. Ο επιθετικός του ΠΑΟΚ δεν θα αγωνισθεί.

Η ΣΥΝΕΣΙΑ ΕΙΣ ΤΙΣ ΠΡΟΤΕΛΕΥΤΑΙΑΝ ΣΕΛ.
Εις τόν Άρειον Πάγον
Συζητούνται σήμερον
αί αίτήσεις άναιρέσεως
Άράβων καί Μουντή
Διά τό αίματοκύλισμα είς τό άεροδρόμιον τού Έλληνικού καί τήν δολοφονίαν τής Άγγλίδος δημοσιογράφου.
Ο ΦΥΛΑΞΑΝ ΠΑΡΕΒΙΑΣΕ ΤΗΝ ΠΑΡΑΔΟΣΙΝ
ΔΕΝ ΤΟΥ ΑΡΕΣΕΙ Η ΝΤΑΟΥΝΙΓΚ ΣΤΡΗΤ

ΛΟΝΔΙΝΟΝ, 8. (Νέα Υόρκ).— Ο νέος πρωθυπουργός της Βρετανίας κ. Χάρολντ Ουίλσον δεν ακολούθησε την παράδοσιν.

ΛΟΝΔΙΝΟΝ, 8. (Νέα Υόρκ).— Ο νέος πρωθυπουργός της Βρετανίας κ. Χάρολντ Ουίλσον δεν ακολούθησε την παράδοσιν.

ΑΘΗΝΑΙ, 8.— Συζητείται αύριον ενώπιον του Αρείου Πάγου η αίτησις αναιρέσεως του Νικολάου Μουντή και των δύο Αράβων.

ΑΘΗΝΑΙ, 8.— Συζητείται αύριον ενώπιον του Αρείου Πάγου η αίτησις αναιρέσεως του Νικολάου Μουντή και των δύο Αράβων.

ΑΘΗΝΑΙ, 8.— Συζητείται αύριον ενώπιον του Αρείου Πάγου η αίτησις αναιρέσεως του Νικολάου Μουντή και των δύο Αράβων.

ΑΘΗΝΑΙ, 8.— Συζητείται αύριον ενώπιον του Αρείου Πάγου η αίτησις αναιρέσεως του Νικολάου Μουντή και των δύο Αράβων.

Νέαι άπόψεις τών έπιστημόνων
Η «ταπεινή» άσπιρίνη
προλαμβάνει
τάς καρδιακάς κρίσεις
Τί άπέδειξαν σχετικά πειράματα έπί άσθενών.— Τά άποτελέσματα στατιστικών έρευνών.—
ΤΡΟΠΟΠΟΙΟΥΝΤΑΙ ΟΙ ΟΡΟΙ ΔΙΑΝΟΜΗΣ ΕΙΣ ΠΕΡΙΟΧΗΝ ΤΗΣ ΘΕΣΣΑΛΟΝΙΚΗΣ

ΑΘΗΝΑΙ, 8.— Διά διατάγματος τροποποιούνται οι όροι διανομής γαιών εις περιοχάς της Θεσσαλονίκης.

ΑΘΗΝΑΙ, 8.— Διά διατάγματος τροποποιούνται οι όροι διανομής γαιών εις περιοχάς της Θεσσαλονίκης.

ΑΘΗΝΑΙ, 8.— Διά διατάγματος τροποποιούνται οι όροι διανομής γαιών εις περιοχάς της Θεσσαλονίκης.

Ο κ. ΚΥΠΡΙΑΝΟΣ ΕΔΕΧΘΗ ΞΕΝΟΥΣ ΠΡΕΣΒΕΥΤΑΣ

ΛΕΥΚΩΣΙΑ, 8.— Τον Πρόεδρο της Δημοκρατίας επισκέφθησαν οι πρεσβευταί Γαλλίας και Ιταλίας.

ΛΕΥΚΩΣΙΑ, 8.— Τον Πρόεδρο της Δημοκρατίας επισκέφθησαν οι πρεσβευταί Γαλλίας και Ιταλίας.

ΕΔΗΜΟΣΙΕΥΘΗΣΑΝ ΔΥΟ ΣΥΛΛΟΓΙΚΑΙ ΣΥΜΒΑΣΕΙΣ

ΑΘΗΝΑΙ, 8.— Εδημοσιεύθησαν εις την Εφημερίδα της Κυβερνήσεως δύο συλλογικαί συμβάσεις εργασίας.

ΑΘΗΝΑΙ, 8.— Εδημοσιεύθησαν εις την Εφημερίδα της Κυβερνήσεως δύο συλλογικαί συμβάσεις εργασίας.

ΛΟΝΔΙΝΟΝ, 8. (Ιν. Τόπος).— Η ταπεινή ασπιρίνη ενδεχομένως να διαδραματίζη σημαντικόν ρόλον εις την πρόληψιν των καρδιακών κρίσεων.

Αι σχετικαί μελέται έδημοσιεύθησαν εις ιατρικόν περιοδικόν και περιλαμβάνουν εκατοντάδας ασθενών.

Τις πρώτες μελέτες από την Ιατρική Σχολή του Σέφιλντ έδειξαν ότι το ποσοστόν θνησιμότητος μειούται.

ΛΟΝΔΙΝΟΝ, 8. (Ιν. Τόπος).— Η ταπεινή ασπιρίνη ενδεχομένως να διαδραματίζη σημαντικόν ρόλον εις την πρόληψιν των καρδιακών κρίσεων.

Αι σχετικαί μελέται έδημοσιεύθησαν εις ιατρικόν περιοδικόν και περιλαμβάνουν εκατοντάδας ασθενών.

Τις πρώτες μελέτες από την Ιατρική Σχολή του Σέφιλντ έδειξαν ότι το ποσοστόν θνησιμότητος μειούται.

Αι σχετικαί μελέται έδημοσιεύθησαν εις ιατρικόν περιοδικόν και περιλαμβάνουν εκατοντάδας ασθενών.

ΛΟΝΔΙΝΟΝ, 8. (Ιν. Τόπος).— Η ταπεινή ασπιρίνη ενδεχομένως να διαδραματίζη σημαντικόν ρόλον εις την πρόληψιν των καρδιακών κρίσεων.

ΑΠΕΦΑΣΙΣΘΗ Ο ΠΡΟΣΕΧΗΣ ΑΝΑΚΑΘΟΡΙΣΜΟΣ ΕΠΙ ΔΙΑΝΟΜΑΡΧΙΑΚΟΥ ΕΠΙΠΕΔΟΥ ΥΠΗΡΕΣΙΩΝ ΤΟΥ ΥΠΟΥΡΓΕΙΟΥ ΑΠΑΣΧΟΛΗΣΕΩΣ

Εγκρίθη δι΄ αποφάσεως ο καθορισμός των υπηρεσιών του υπουργείου Απασχολήσεως εις επίπεδον διανομαρχιακόν. Επιθεωρήσεις εργασίας ιδρύονται εις Αθήνας, Πειραιά, Πάτρας, Θεσσαλονίκην, Λάρισαν, Ηράκλειον.

Εγκρίθη δι΄ αποφάσεως ο καθορισμός των υπηρεσιών του υπουργείου Απασχολήσεως εις επίπεδον διανομαρχιακόν. Επιθεωρήσεις εργασίας ιδρύονται εις Αθήνας, Πειραιά, Πάτρας, Θεσσαλονίκην, Λάρισαν, Ηράκλειον.

Εγκρίθη δι΄ αποφάσεως ο καθορισμός των υπηρεσιών του υπουργείου Απασχολήσεως εις επίπεδον διανομαρχιακόν. Επιθεωρήσεις εργασίας ιδρύονται εις Αθήνας, Πειραιά, Πάτρας, Θεσσαλονίκην, Λάρισαν, Ηράκλειον.

ΑΙ ΗΦΑΙΣΤΕΙΑΚΑΙ ΚΑΤΑΣΤΡΟΦΑΙ ΑΝΑ ΤΟΝ ΚΟΣΜΟΝ ΘΕΜΑ ΔΙΑΛΕΞΕΩΣ ΤΟΥ ΑΚΑΔΗΜΑΪΚΟΥ κ. ΜΑΡΙΝΑΤΟΥ

ΑΘΗΝΑΙ, 8.— Αι ηφαιστειακαί καταστροφαί ανά τον κόσμον και η έκρηξις της Σαντορίνης είναι το θέμα της διαλέξεως του ακαδημαϊκού κ. Σπ. Μαρινάτου.

ΑΘΗΝΑΙ, 8.— Αι ηφαιστειακαί καταστροφαί ανά τον κόσμον και η έκρηξις της Σαντορίνης είναι το θέμα της διαλέξεως του ακαδημαϊκού κ. Σπ. Μαρινάτου.

ΑΘΗΝΑΙ, 8.— Αι ηφαιστειακαί καταστροφαί ανά τον κόσμον και η έκρηξις της Σαντορίνης είναι το θέμα της διαλέξεως του ακαδημαϊκού κ. Σπ. Μαρινάτου.
